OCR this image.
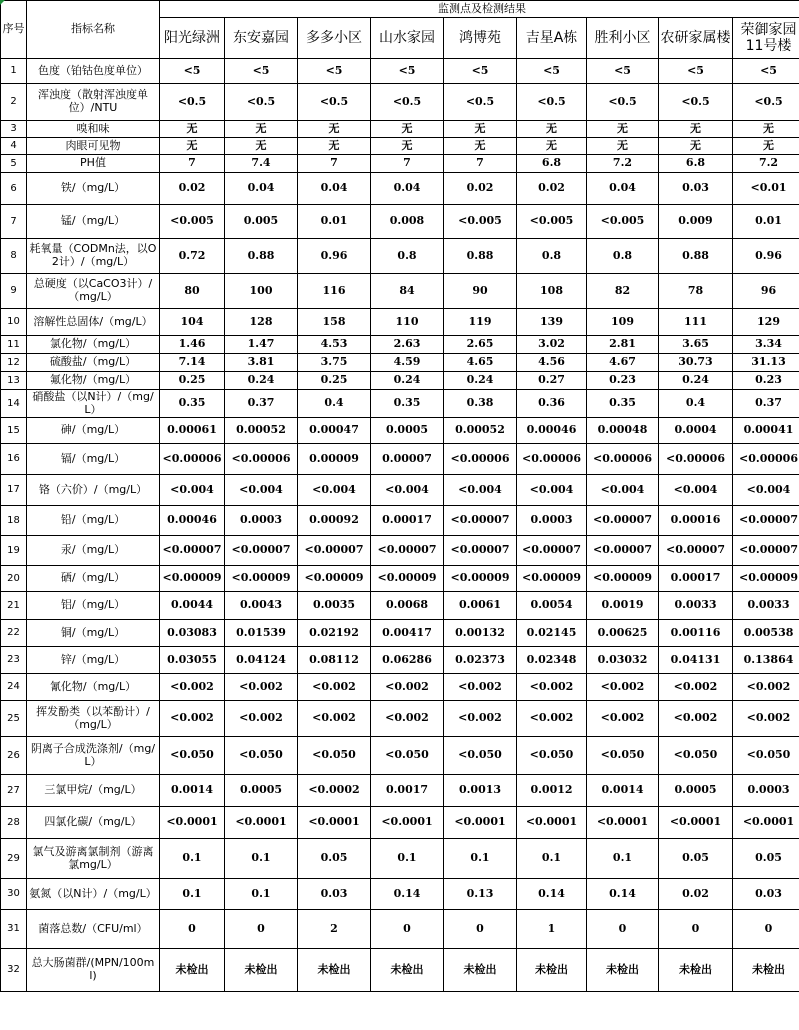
序号	指标名称	监测点及检测结果								
		阳光绿洲	东安嘉园	多多小区	山水家园	鸿博苑	吉星A栋	胜利小区	农研家属楼	荣御家园11号楼
1	色度（铂钴色度单位）	<5	<5	<5	<5	<5	<5	<5	<5	<5
2	浑浊度（散射浑浊度单位）/NTU	<0.5	<0.5	<0.5	<0.5	<0.5	<0.5	<0.5	<0.5	<0.5
3	嗅和味	无	无	无	无	无	无	无	无	无
4	肉眼可见物	无	无	无	无	无	无	无	无	无
5	PH值	7	7.4	7	7	7	6.8	7.2	6.8	7.2
6	铁/（mg/L）	0.02	0.04	0.04	0.04	0.02	0.02	0.04	0.03	<0.01
7	锰/（mg/L）	<0.005	0.005	0.01	0.008	<0.005	<0.005	<0.005	0.009	0.01
8	耗氧量（CODMn法，以O2计）/（mg/L）	0.72	0.88	0.96	0.8	0.88	0.8	0.8	0.88	0.96
9	总硬度（以CaCO3计）/（mg/L）	80	100	116	84	90	108	82	78	96
10	溶解性总固体/（mg/L）	104	128	158	110	119	139	109	111	129
11	氯化物/（mg/L）	1.46	1.47	4.53	2.63	2.65	3.02	2.81	3.65	3.34
12	硫酸盐/（mg/L）	7.14	3.81	3.75	4.59	4.65	4.56	4.67	30.73	31.13
13	氟化物/（mg/L）	0.25	0.24	0.25	0.24	0.24	0.27	0.23	0.24	0.23
14	硝酸盐（以N计）/（mg/L）	0.35	0.37	0.4	0.35	0.38	0.36	0.35	0.4	0.37
15	砷/（mg/L）	0.00061	0.00052	0.00047	0.0005	0.00052	0.00046	0.00048	0.0004	0.00041
16	镉/（mg/L）	<0.00006	<0.00006	0.00009	0.00007	<0.00006	<0.00006	<0.00006	<0.00006	<0.00006
17	铬（六价）/（mg/L）	<0.004	<0.004	<0.004	<0.004	<0.004	<0.004	<0.004	<0.004	<0.004
18	铅/（mg/L）	0.00046	0.0003	0.00092	0.00017	<0.00007	0.0003	<0.00007	0.00016	<0.00007
19	汞/（mg/L）	<0.00007	<0.00007	<0.00007	<0.00007	<0.00007	<0.00007	<0.00007	<0.00007	<0.00007
20	硒/（mg/L）	<0.00009	<0.00009	<0.00009	<0.00009	<0.00009	<0.00009	<0.00009	0.00017	<0.00009
21	铝/（mg/L）	0.0044	0.0043	0.0035	0.0068	0.0061	0.0054	0.0019	0.0033	0.0033
22	铜/（mg/L）	0.03083	0.01539	0.02192	0.00417	0.00132	0.02145	0.00625	0.00116	0.00538
23	锌/（mg/L）	0.03055	0.04124	0.08112	0.06286	0.02373	0.02348	0.03032	0.04131	0.13864
24	氰化物/（mg/L）	<0.002	<0.002	<0.002	<0.002	<0.002	<0.002	<0.002	<0.002	<0.002
25	挥发酚类（以苯酚计）/（mg/L）	<0.002	<0.002	<0.002	<0.002	<0.002	<0.002	<0.002	<0.002	<0.002
26	阴离子合成洗涤剂/（mg/L）	<0.050	<0.050	<0.050	<0.050	<0.050	<0.050	<0.050	<0.050	<0.050
27	三氯甲烷/（mg/L）	0.0014	0.0005	<0.0002	0.0017	0.0013	0.0012	0.0014	0.0005	0.0003
28	四氯化碳/（mg/L）	<0.0001	<0.0001	<0.0001	<0.0001	<0.0001	<0.0001	<0.0001	<0.0001	<0.0001
29	氯气及游离氯制剂（游离氯mg/L）	0.1	0.1	0.05	0.1	0.1	0.1	0.1	0.05	0.05
30	氨氮（以N计）/（mg/L）	0.1	0.1	0.03	0.14	0.13	0.14	0.14	0.02	0.03
31	菌落总数/（CFU/ml）	0	0	2	0	0	1	0	0	0
32	总大肠菌群/(MPN/100ml)	未检出	未检出	未检出	未检出	未检出	未检出	未检出	未检出	未检出
